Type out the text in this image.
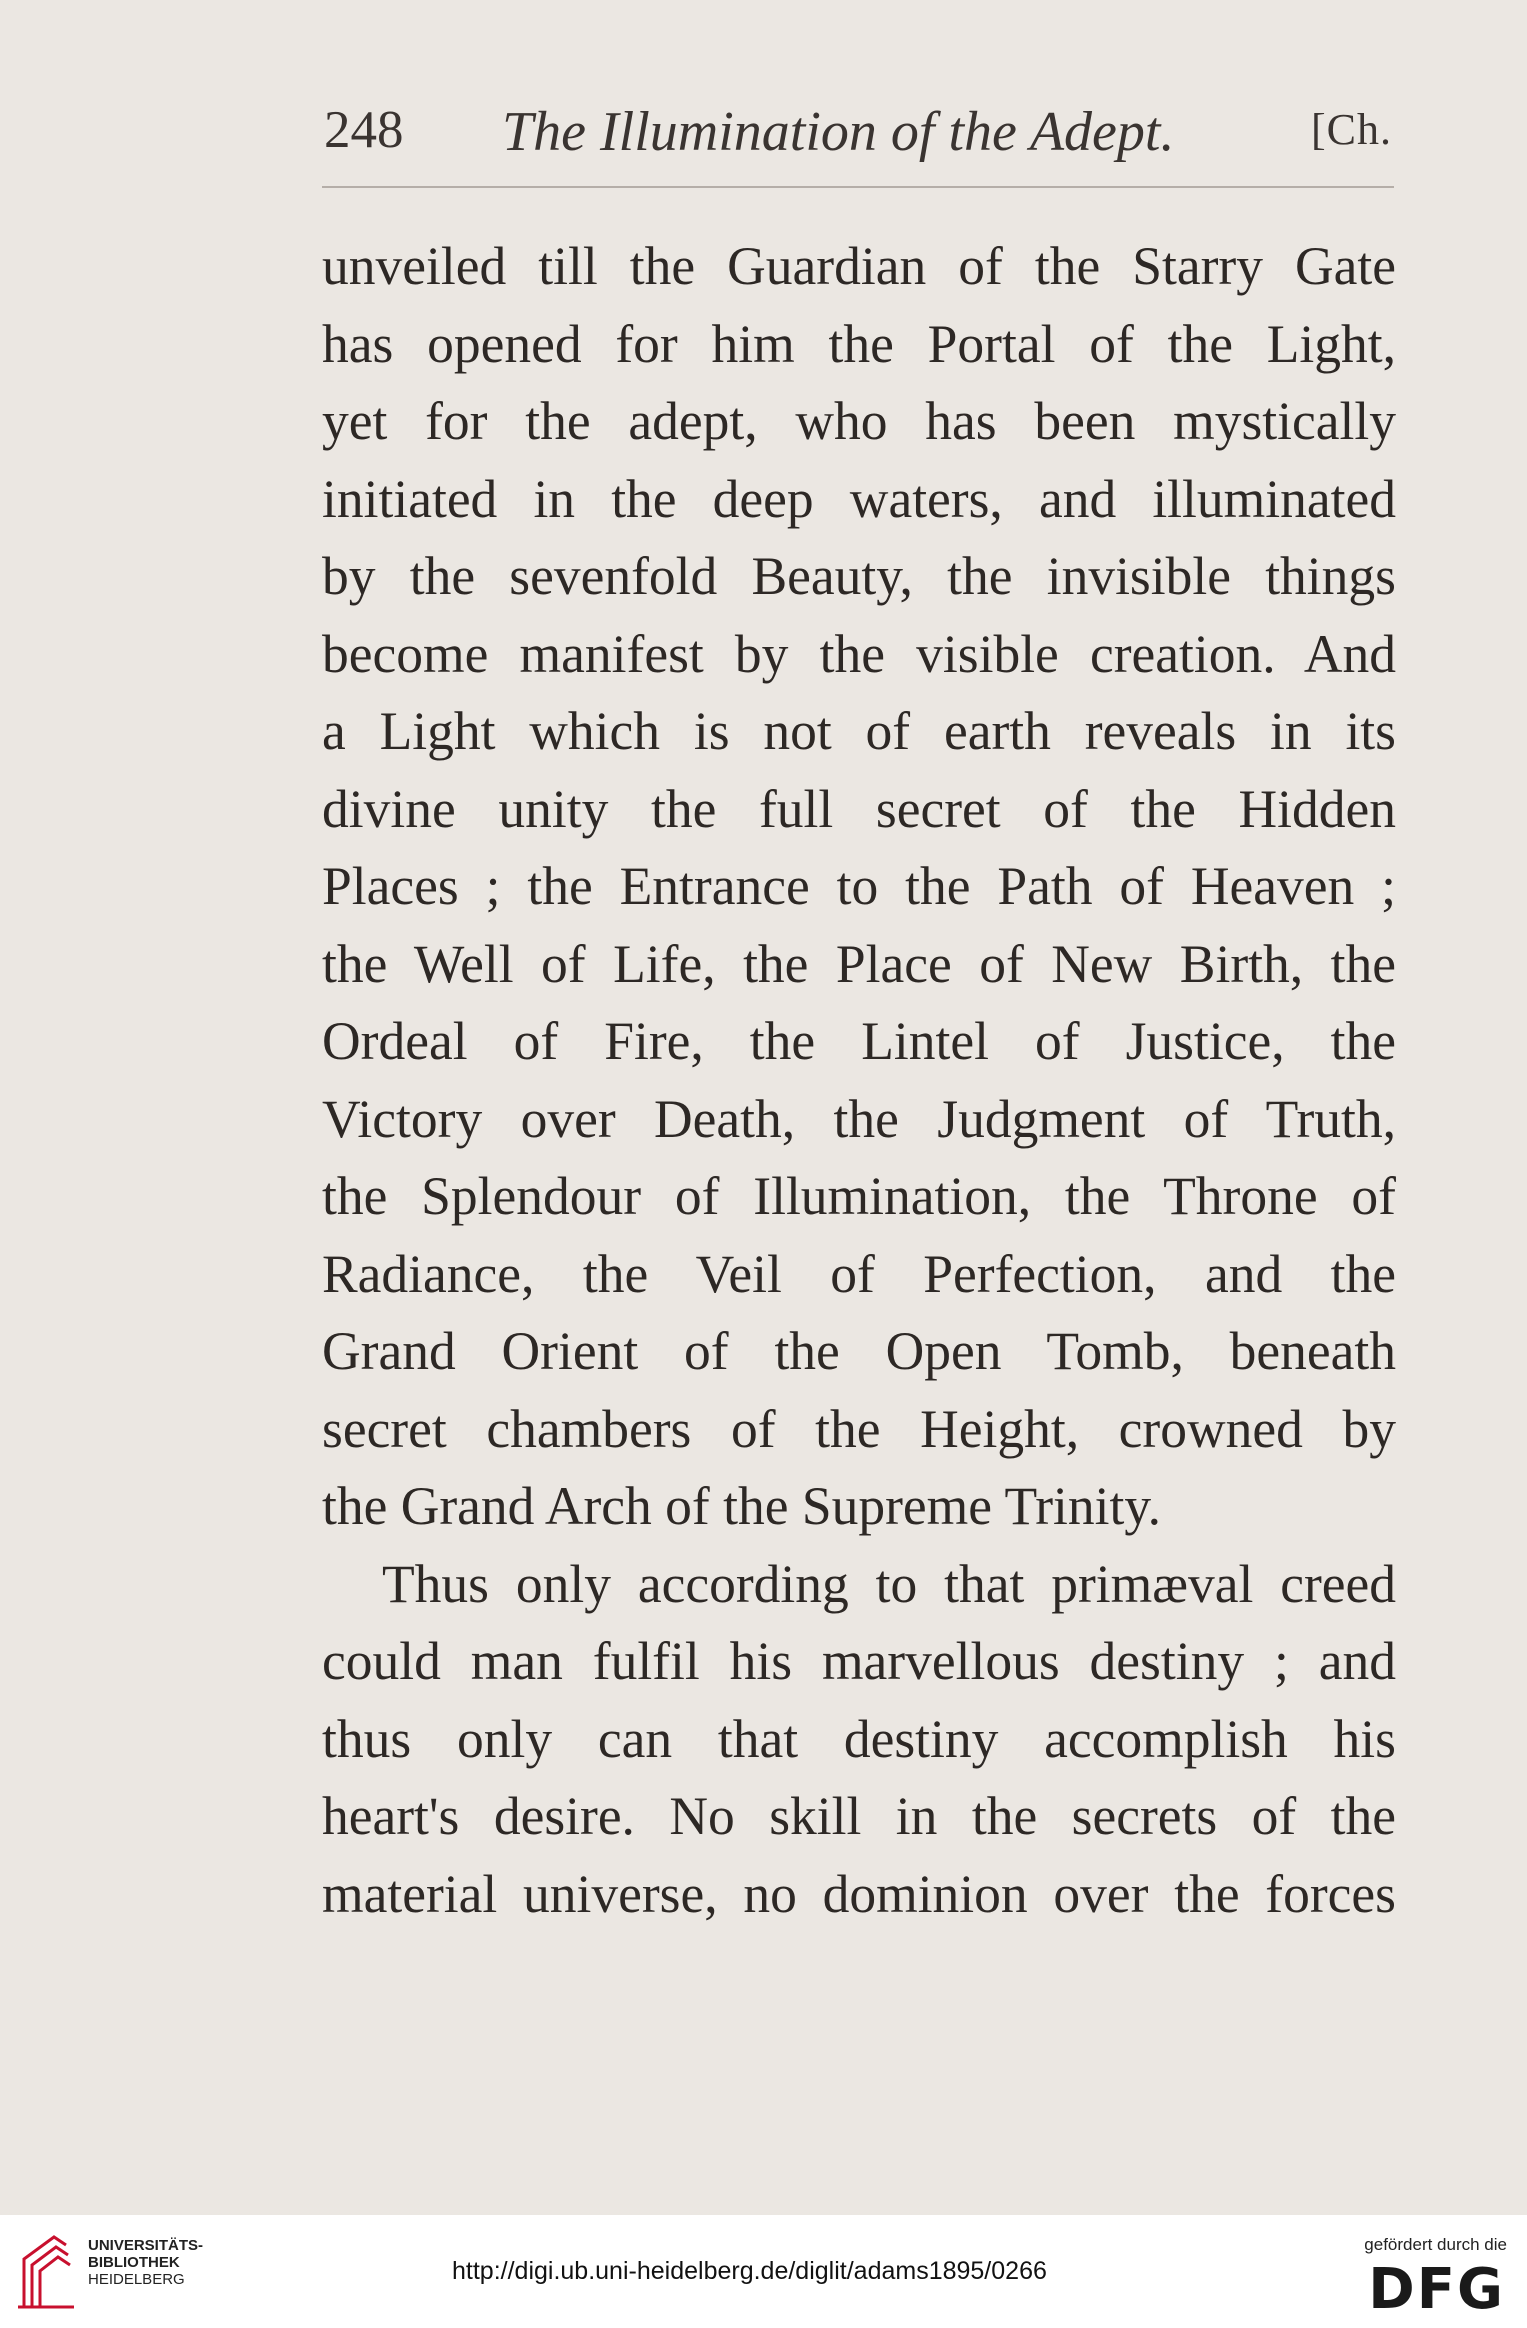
248 The Illumination of the Adept.	[Ch.
unveiled till the Guardian of the Starry Gate
has opened for him the Portal of the Light,
yet for the adept, who has been mystically
initiated in the deep waters, and illuminated
by the sevenfold Beauty, the invisible things
become manifest by the visible creation. And
a Light which is not of earth reveals in its
divine unity the full secret of the Hidden
Places ; the Entrance to the Path of Heaven ;
the Well of Life, the Place of New Birth, the
Ordeal of Fire, the Lintel of Justice, the
Victory over Death, the Judgment of Truth,
the Splendour of Illumination, the Throne of
Radiance, the Veil of Perfection, and the
Grand Orient of the Open Tomb, beneath
secret chambers of the Height, crowned by
the Grand Arch of the Supreme Trinity.
Thus only according to that primæval creed
could man fulfil his marvellous destiny ; and
thus only can that destiny accomplish his
heart's desire. No skill in the secrets of the
material universe, no dominion over the forces
UNIVERSITÄTS-
BIBLIOTHEK
HEIDELBERG	http://digi.ub.uni-heidelberg.de/diglit/adams1895/0266
gefördert durch die
DFG
